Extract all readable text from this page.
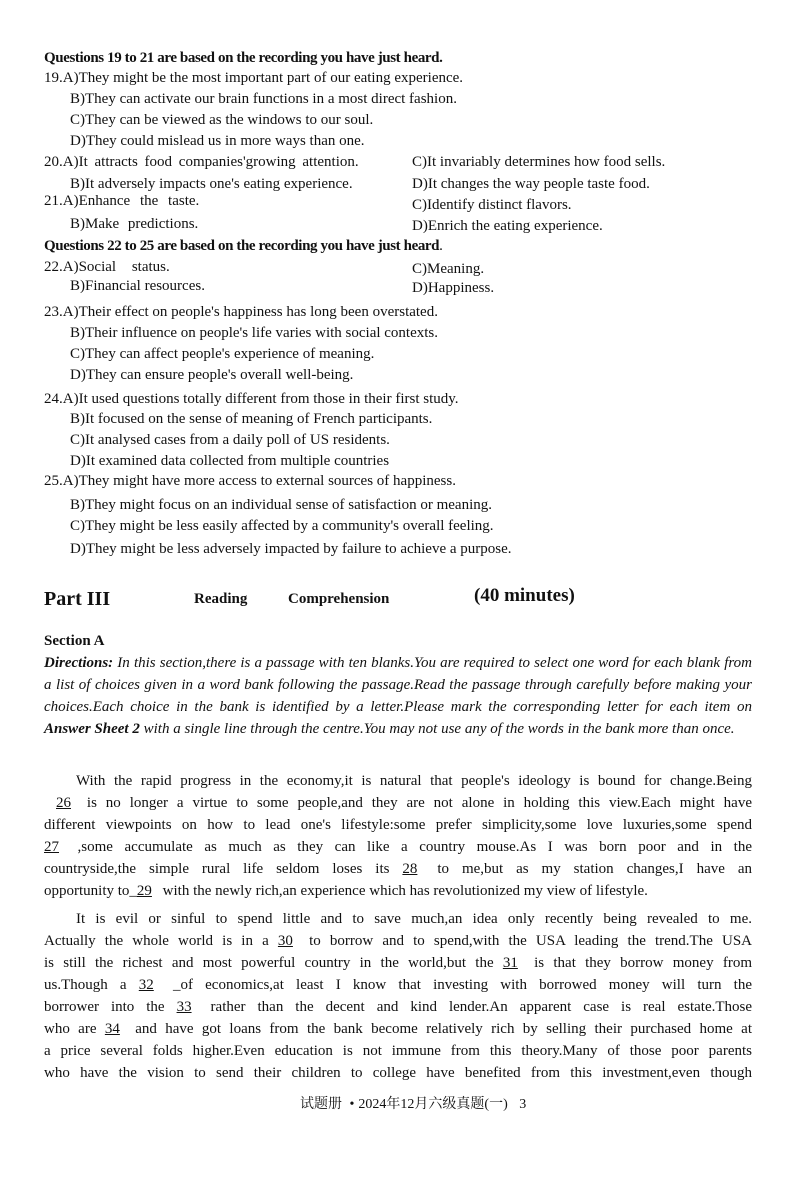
Questions 19 to 21 are based on the recording you have just heard.
19.A)They might be the most important part of our eating experience.
B)They can activate our brain functions in a most direct fashion.
C)They can be viewed as the windows to our soul.
D)They could mislead us in more ways than one.
20.A)It attracts food companies'growing attention.	C)It invariably determines how food sells.
B)It adversely impacts one's eating experience.	D)It changes the way people taste food.
21.A)Enhance the taste.	C)Identify distinct flavors.
B)Make predictions.	D)Enrich the eating experience.
Questions 22 to 25 are based on the recording you have just heard.
22.A)Social status.	C)Meaning.
B)Financial resources.	D)Happiness.
23.A)Their effect on people's happiness has long been overstated.
B)Their influence on people's life varies with social contexts.
C)They can affect people's experience of meaning.
D)They can ensure people's overall well-being.
24.A)It used questions totally different from those in their first study.
B)It focused on the sense of meaning of French participants.
C)It analysed cases from a daily poll of US residents.
D)It examined data collected from multiple countries
25.A)They might have more access to external sources of happiness.
B)They might focus on an individual sense of satisfaction or meaning.
C)They might be less easily affected by a community's overall feeling.
D)They might be less adversely impacted by failure to achieve a purpose.
Part III	Reading	Comprehension	(40 minutes)
Section A
Directions: In this section,there is a passage with ten blanks.You are required to select one word for each blank from a list of choices given in a word bank following the passage.Read the passage through carefully before making your choices.Each choice in the bank is identified by a letter.Please mark the corresponding letter for each item on Answer Sheet 2 with a single line through the centre.You may not use any of the words in the bank more than once.
With the rapid progress in the economy,it is natural that people's ideology is bound for change.Being
26 is no longer a virtue to some people,and they are not alone in holding this view.Each might have
different viewpoints on how to lead one's lifestyle:some prefer simplicity,some love luxuries,some spend
27 ,some accumulate as much as they can like a country mouse.As I was born poor and in the
countryside,the simple rural life seldom loses its 28 to me,but as my station changes,I have an
opportunity to_29 with the newly rich,an experience which has revolutionized my view of lifestyle.
It is evil or sinful to spend little and to save much,an idea only recently being revealed to me.
Actually the whole world is in a 30 to borrow and to spend,with the USA leading the trend.The USA
is still the richest and most powerful country in the world,but the 31 is that they borrow money from
us.Though a 32 _of economics,at least I know that investing with borrowed money will turn the
borrower into the 33 rather than the decent and kind lender.An apparent case is real estate.Those
who are 34 and have got loans from the bank become relatively rich by selling their purchased home at
a price several folds higher.Even education is not immune from this theory.Many of those poor parents
who have the vision to send their children to college have benefited from this investment,even though
试题册 • 2024年12月六级真题(一) 3
